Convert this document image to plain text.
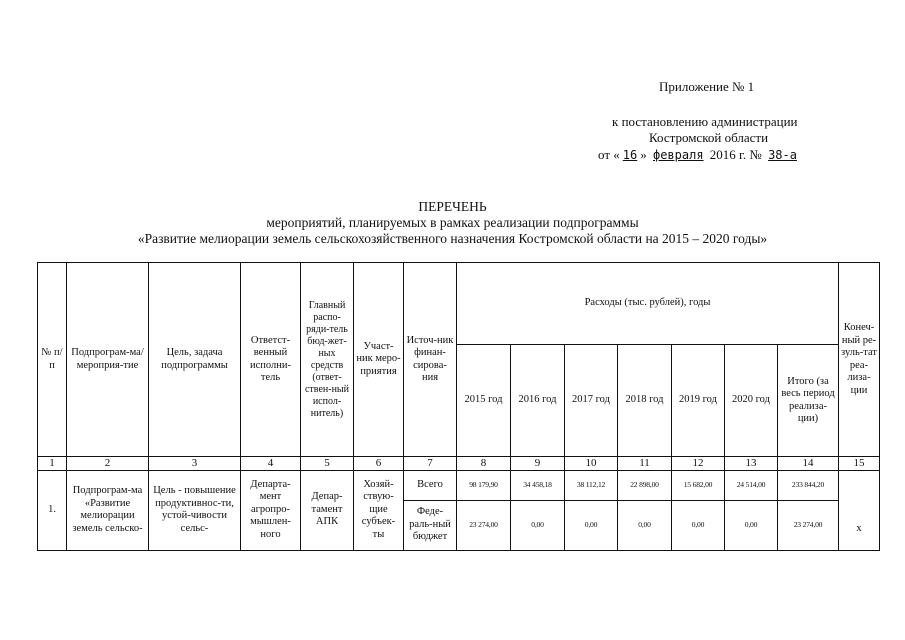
Приложение № 1
к постановлению администрации
Костромской области
от « 16 » февраля 2016 г. № 38-а
ПЕРЕЧЕНЬ
мероприятий, планируемых в рамках реализации подпрограммы
«Развитие мелиорации земель сельскохозяйственного назначения Костромской области на 2015 – 2020 годы»
№ п/п	Подпрограм-ма/мероприя-тие	Цель, задача подпрограммы	Ответст-венный исполни-тель	Главный распо-ряди-тель бюд-жет-ных средств (ответ-ствен-ный испол-нитель)	Участ-ник меро-приятия	Источ-ник финан-сирова-ния	Расходы (тыс. рублей), годы							Конеч-ный ре-зуль-тат реа-лиза-ции
							2015 год	2016 год	2017 год	2018 год	2019 год	2020 год	Итого (за весь период реализа-ции)	
1	2	3	4	5	6	7	8	9	10	11	12	13	14	15
1.	Подпрограм-ма «Развитие мелиорации земель сельско-	Цель - повышение продуктивнос-ти, устой-чивости сельс-	Департа-мент агропро-мышлен-ного	Депар-тамент АПК	Хозяй-ствую-щие субъек-ты	Всего	98 179,90	34 458,18	38 112,12	22 898,00	15 682,00	24 514,00	233 844,20	x
						Феде-раль-ный бюджет	23 274,00	0,00	0,00	0,00	0,00	0,00	23 274,00	
